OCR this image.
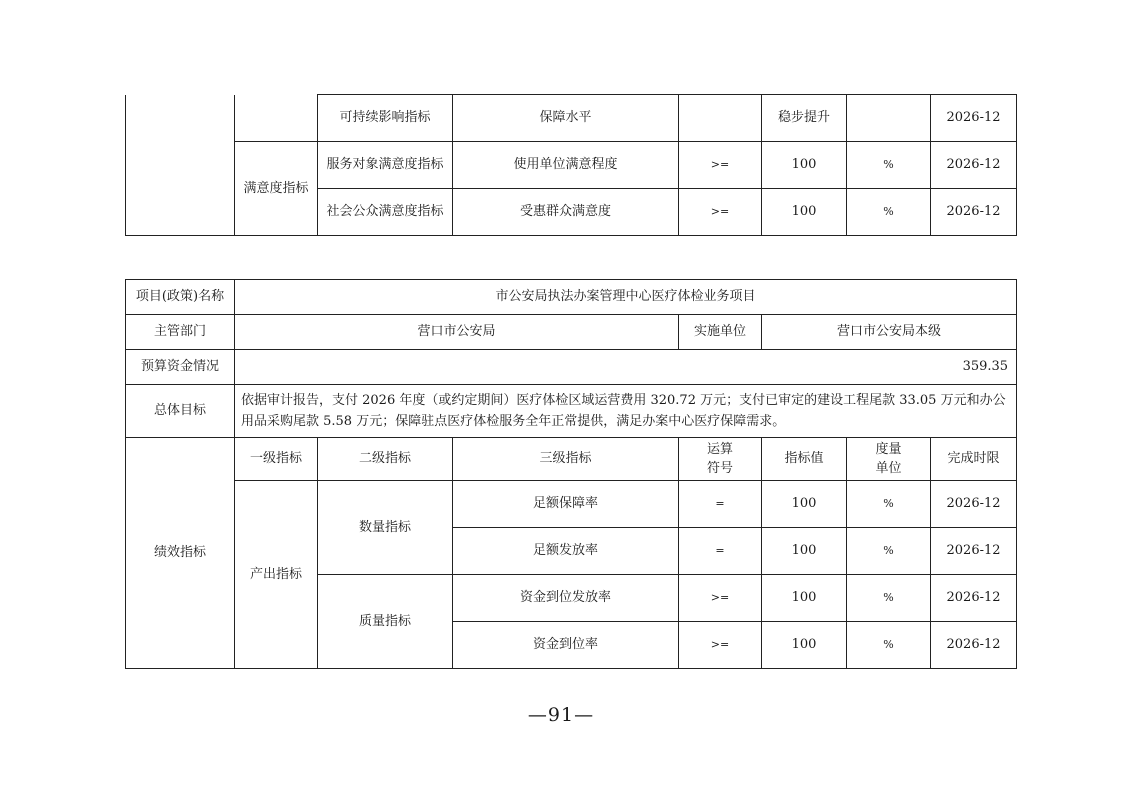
		可持续影响指标	保障水平		稳步提升		2026-12
	满意度指标	服务对象满意度指标	使用单位满意程度	>=	100	%	2026-12
		社会公众满意度指标	受惠群众满意度	>=	100	%	2026-12
项目(政策)名称	市公安局执法办案管理中心医疗体检业务项目						
主管部门	营口市公安局			实施单位	营口市公安局本级		
预算资金情况	359.35						
总体目标	依据审计报告，支付 2026 年度（或约定期间）医疗体检区域运营费用 320.72 万元；支付已审定的建设工程尾款 33.05 万元和办公用品采购尾款 5.58 万元；保障驻点医疗体检服务全年正常提供，满足办案中心医疗保障需求。						
绩效指标	一级指标	二级指标	三级指标	运算符号	指标值	度量单位	完成时限
	产出指标	数量指标	足额保障率	=	100	%	2026-12
			足额发放率	=	100	%	2026-12
		质量指标	资金到位发放率	>=	100	%	2026-12
			资金到位率	>=	100	%	2026-12
—91—
